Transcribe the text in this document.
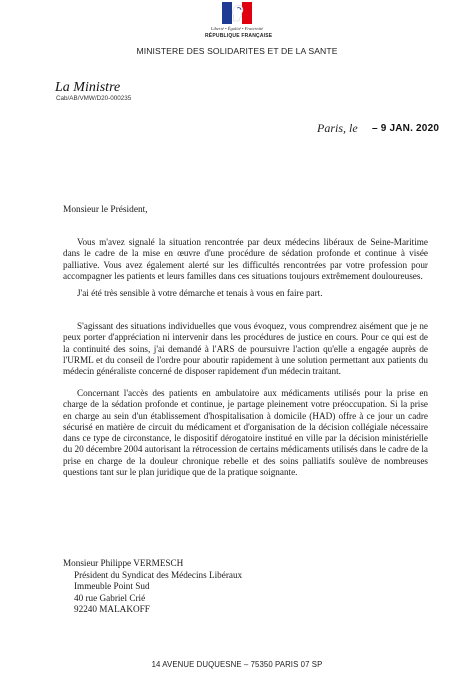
Liberté • Égalité • Fraternité
RÉPUBLIQUE FRANÇAISE
MINISTERE DES SOLIDARITES ET DE LA SANTE
La Ministre
Cab/AB/VMW/D20-000235
Paris, le – 9 JAN. 2020
Monsieur le Président,
Vous m'avez signalé la situation rencontrée par deux médecins libéraux de Seine-Maritime dans le cadre de la mise en œuvre d'une procédure de sédation profonde et continue à visée palliative. Vous avez également alerté sur les difficultés rencontrées par votre profession pour accompagner les patients et leurs familles dans ces situations toujours extrêmement douloureuses.
J'ai été très sensible à votre démarche et tenais à vous en faire part.
S'agissant des situations individuelles que vous évoquez, vous comprendrez aisément que je ne peux porter d'appréciation ni intervenir dans les procédures de justice en cours. Pour ce qui est de la continuité des soins, j'ai demandé à l'ARS de poursuivre l'action qu'elle a engagée auprès de l'URML et du conseil de l'ordre pour aboutir rapidement à une solution permettant aux patients du médecin généraliste concerné de disposer rapidement d'un médecin traitant.
Concernant l'accès des patients en ambulatoire aux médicaments utilisés pour la prise en charge de la sédation profonde et continue, je partage pleinement votre préoccupation. Si la prise en charge au sein d'un établissement d'hospitalisation à domicile (HAD) offre à ce jour un cadre sécurisé en matière de circuit du médicament et d'organisation de la décision collégiale nécessaire dans ce type de circonstance, le dispositif dérogatoire institué en ville par la décision ministérielle du 20 décembre 2004 autorisant la rétrocession de certains médicaments utilisés dans le cadre de la prise en charge de la douleur chronique rebelle et des soins palliatifs soulève de nombreuses questions tant sur le plan juridique que de la pratique soignante.
Monsieur Philippe VERMESCH
Président du Syndicat des Médecins Libéraux
Immeuble Point Sud
40 rue Gabriel Crié
92240 MALAKOFF
14 AVENUE DUQUESNE – 75350 PARIS 07 SP
